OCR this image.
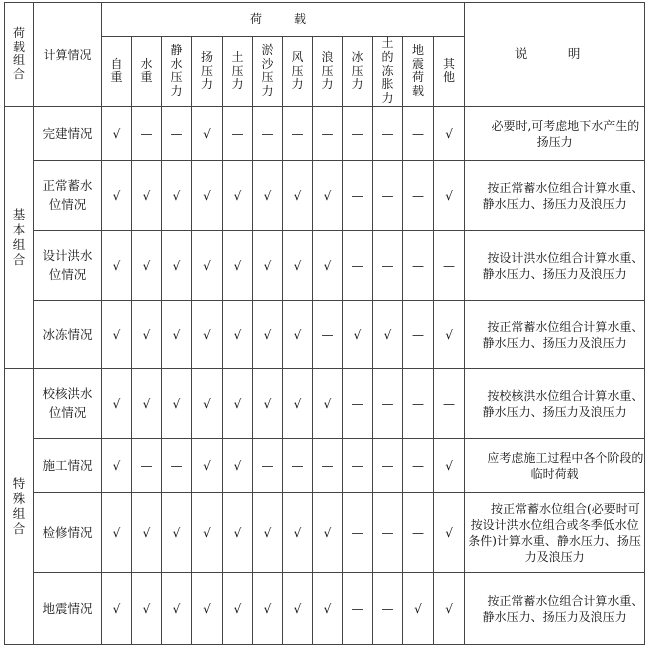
荷载组合	计算情况	荷　载												说　明
		自重	水重	静水压力	扬压力	土压力	淤沙压力	风压力	浪压力	冰压力	土的冻胀力	地震荷载	其他	
基本组合	完建情况	√	—	—	√	—	—	—	—	—	—	—	√	必要时,可考虑地下水产生的扬压力
	正常蓄水位情况	√	√	√	√	√	√	√	√	—	—	—	√	按正常蓄水位组合计算水重、静水压力、扬压力及浪压力
	设计洪水位情况	√	√	√	√	√	√	√	√	—	—	—	—	按设计洪水位组合计算水重、静水压力、扬压力及浪压力
	冰冻情况	√	√	√	√	√	√	√	—	√	√	—	√	按正常蓄水位组合计算水重、静水压力、扬压力及浪压力
特殊组合	校核洪水位情况	√	√	√	√	√	√	√	√	—	—	—	—	按校核洪水位组合计算水重、静水压力、扬压力及浪压力
	施工情况	√	—	—	√	√	—	—	—	—	—	—	√	应考虑施工过程中各个阶段的临时荷载
	检修情况	√	√	√	√	√	√	√	√	—	—	—	√	按正常蓄水位组合(必要时可按设计洪水位组合或冬季低水位条件)计算水重、静水压力、扬压力及浪压力
	地震情况	√	√	√	√	√	√	√	√	—	—	√	√	按正常蓄水位组合计算水重、静水压力、扬压力及浪压力
